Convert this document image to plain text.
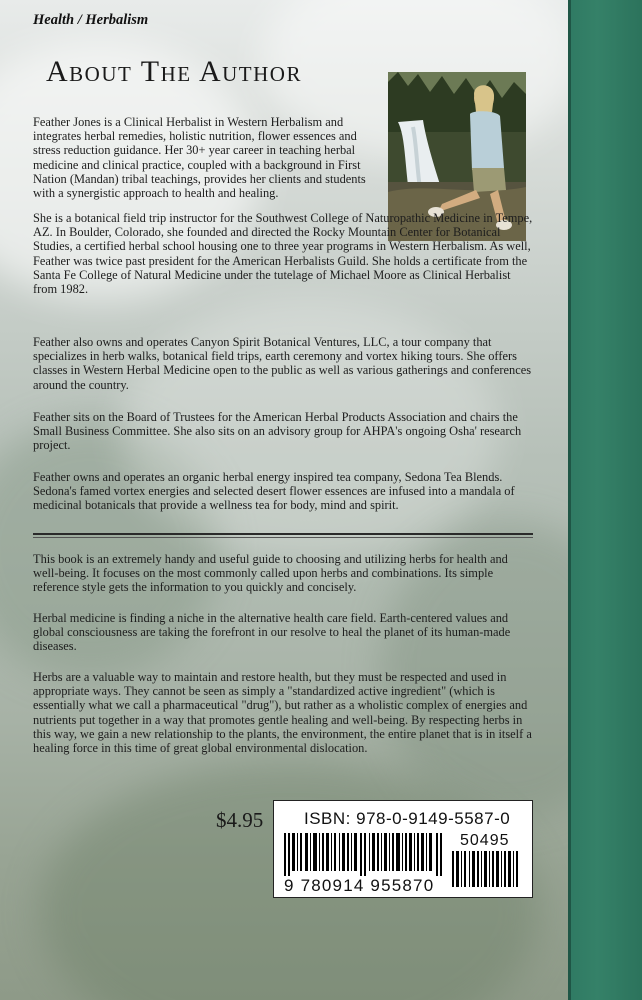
Health / Herbalism
About The Author

Feather Jones is a Clinical Herbalist in Western Herbalism and integrates herbal remedies, holistic nutrition, flower essences and stress reduction guidance. Her 30+ year career in teaching herbal medicine and clinical practice, coupled with a background in First Nation (Mandan) tribal teachings, provides her clients and students with a synergistic approach to health and healing.

She is a botanical field trip instructor for the Southwest College of Naturopathic Medicine in Tempe, AZ. In Boulder, Colorado, she founded and directed the Rocky Mountain Center for Botanical Studies, a certified herbal school housing one to three year programs in Western Herbalism. As well, Feather was twice past president for the American Herbalists Guild. She holds a certificate from the Santa Fe College of Natural Medicine under the tutelage of Michael Moore as Clinical Herbalist from 1982.

Feather also owns and operates Canyon Spirit Botanical Ventures, LLC, a tour company that specializes in herb walks, botanical field trips, earth ceremony and vortex hiking tours. She offers classes in Western Herbal Medicine open to the public as well as various gatherings and conferences around the country.

Feather sits on the Board of Trustees for the American Herbal Products Association and chairs the Small Business Committee. She also sits on an advisory group for AHPA's ongoing Osha' research project.

Feather owns and operates an organic herbal energy inspired tea company, Sedona Tea Blends. Sedona's famed vortex energies and selected desert flower essences are infused into a mandala of medicinal botanicals that provide a wellness tea for body, mind and spirit.

This book is an extremely handy and useful guide to choosing and utilizing herbs for health and well-being. It focuses on the most commonly called upon herbs and combinations. Its simple reference style gets the information to you quickly and concisely.

Herbal medicine is finding a niche in the alternative health care field. Earth-centered values and global consciousness are taking the forefront in our resolve to heal the planet of its human-made diseases.

Herbs are a valuable way to maintain and restore health, but they must be respected and used in appropriate ways. They cannot be seen as simply a "standardized active ingredient" (which is essentially what we call a pharmaceutical "drug"), but rather as a wholistic complex of energies and nutrients put together in a way that promotes gentle healing and well-being. By respecting herbs in this way, we gain a new relationship to the plants, the environment, the entire planet that is in itself a healing force in this time of great global environmental dislocation.

$4.95 ISBN: 978-0-9149-5587-0
50495
9 780914 955870
